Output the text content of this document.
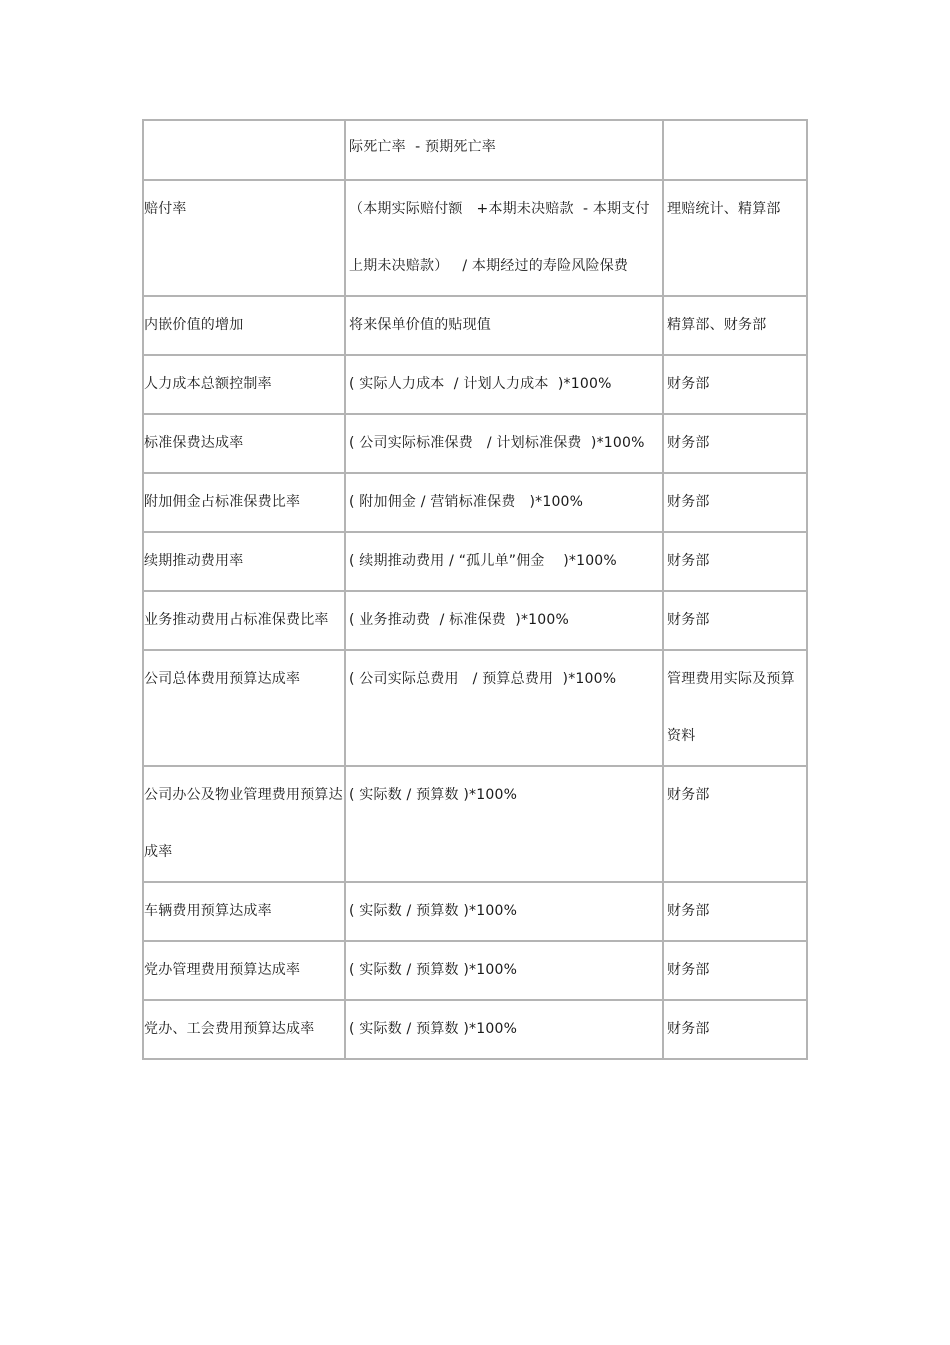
	际死亡率  - 预期死亡率	
赔付率	（本期实际赔付额   +本期未决赔款  - 本期支付上期未决赔款）   / 本期经过的寿险风险保费	理赔统计、精算部
内嵌价值的增加	将来保单价值的贴现值	精算部、财务部
人力成本总额控制率	( 实际人力成本  / 计划人力成本  )*100%	财务部
标准保费达成率	( 公司实际标准保费   / 计划标准保费  )*100%	财务部
附加佣金占标准保费比率	( 附加佣金 / 营销标准保费   )*100%	财务部
续期推动费用率	( 续期推动费用 / “孤儿单”佣金    )*100%	财务部
业务推动费用占标准保费比率	( 业务推动费  / 标准保费  )*100%	财务部
公司总体费用预算达成率	( 公司实际总费用   / 预算总费用  )*100%	管理费用实际及预算资料
公司办公及物业管理费用预算达成率	( 实际数 / 预算数 )*100%	财务部
车辆费用预算达成率	( 实际数 / 预算数 )*100%	财务部
党办管理费用预算达成率	( 实际数 / 预算数 )*100%	财务部
党办、工会费用预算达成率	( 实际数 / 预算数 )*100%	财务部
